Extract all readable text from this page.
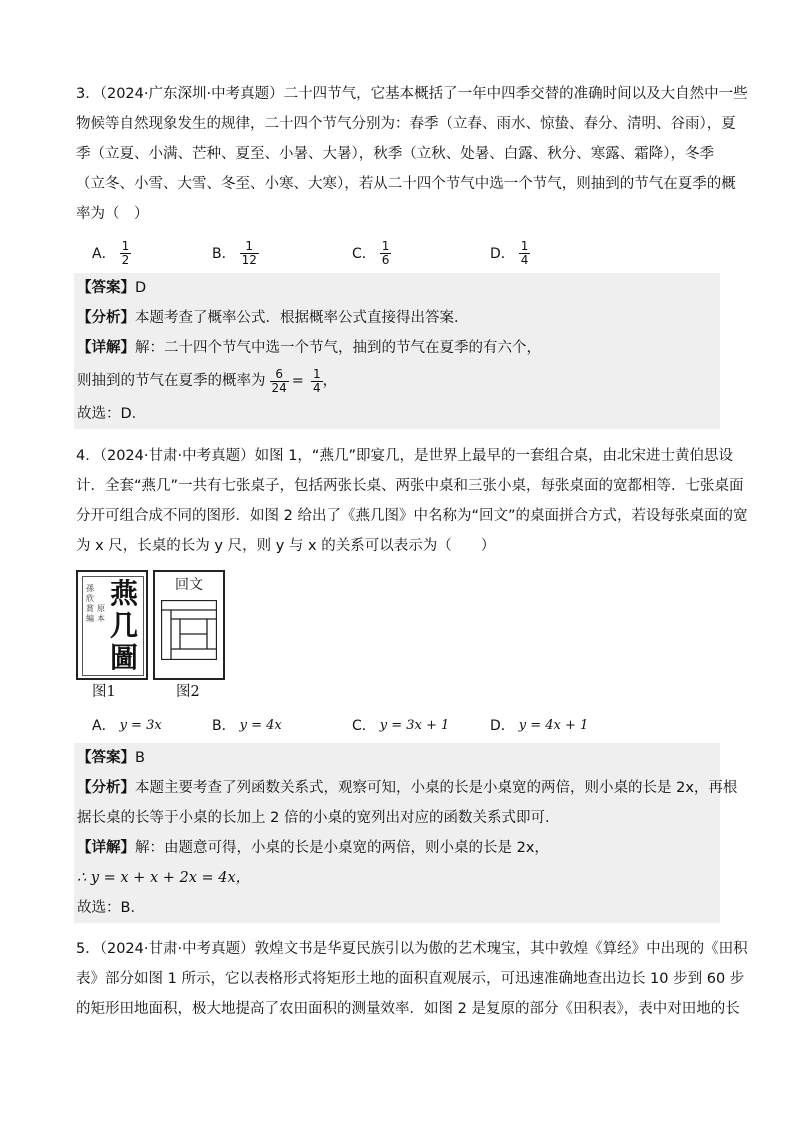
3．（2024·广东深圳·中考真题）二十四节气，它基本概括了一年中四季交替的准确时间以及大自然中一些
物候等自然现象发生的规律，二十四个节气分别为：春季（立春、雨水、惊蛰、春分、清明、谷雨），夏
季（立夏、小满、芒种、夏至、小暑、大暑），秋季（立秋、处暑、白露、秋分、寒露、霜降），冬季
（立冬、小雪、大雪、冬至、小寒、大寒），若从二十四个节气中选一个节气，则抽到的节气在夏季的概
率为（　）
A． $\frac{1}{2}$	B． $\frac{1}{12}$	C． $\frac{1}{6}$	D． $\frac{1}{4}$
【答案】D
【分析】本题考查了概率公式．根据概率公式直接得出答案．
【详解】解：二十四个节气中选一个节气，抽到的节气在夏季的有六个，
则抽到的节气在夏季的概率为 $\frac{6}{24} = \frac{1}{4}$ ，
故选：D．
4．（2024·甘肃·中考真题）如图 1，“燕几”即宴几，是世界上最早的一套组合桌，由北宋进士黄伯思设
计．全套“燕几”一共有七张桌子，包括两张长桌、两张中桌和三张小桌，每张桌面的宽都相等．七张桌面
分开可组合成不同的图形．如图 2 给出了《燕几图》中名称为“回文”的桌面拼合方式，若设每张桌面的宽
为 x 尺，长桌的长为 y 尺，则 y 与 x 的关系可以表示为（　　）
孫欣賞編
原本
燕
几
圖
图1
回文
图2
A． y = 3x	B． y = 4x	C． y = 3x + 1	D． y = 4x + 1
【答案】B
【分析】本题主要考查了列函数关系式，观察可知，小桌的长是小桌宽的两倍，则小桌的长是 2x，再根
据长桌的长等于小桌的长加上 2 倍的小桌的宽列出对应的函数关系式即可．
【详解】解：由题意可得，小桌的长是小桌宽的两倍，则小桌的长是 2x，
∴ y = x + x + 2x = 4x，
故选：B．
5．（2024·甘肃·中考真题）敦煌文书是华夏民族引以为傲的艺术瑰宝，其中敦煌《算经》中出现的《田积
表》部分如图 1 所示，它以表格形式将矩形土地的面积直观展示，可迅速准确地查出边长 10 步到 60 步
的矩形田地面积，极大地提高了农田面积的测量效率．如图 2 是复原的部分《田积表》，表中对田地的长
